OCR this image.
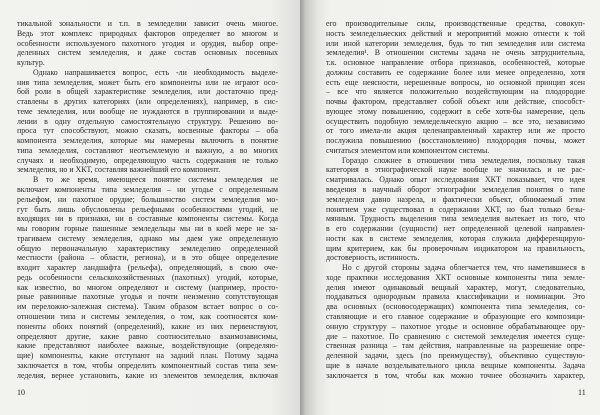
тикальной зональности и т.п. в земледелии зависит очень многое.
Ведь этот комплекс природных факторов определяет во многом и
особенности используемого пахотного угодия и орудия, выбор опре-
деленных систем земледелия, и даже состав основных посевных
культур.
Однако напрашивается вопрос, есть -ли необходимость выделе-
ния типа земледелия, может быть его компоненты или не играют осо-
бой роли в общей характеристике земледелия, или достаточно пред-
ставлены в других категориях (или определениях), например, в сис-
теме земледелия, или вообще не нуждаются в группировании и выде-
лении в одну отдельную самостоятельную структуру. Решению во-
проса тут способствуют, можно сказать, косвенные факторы – оба
компонента земледелия, которые мы намерены включить в понятие
типа земледелия, составляют неотъемлемую и важную, а во многих
случаях и необходимую, определяющую часть содержания не только
земледелия, но и ХКТ, составляя важнейший его компонент.
В то же время, имеющееся понятие системы земледелия не
включает компоненты типа земледелия – ни угодье с определенным
рельефом, ни пахотное орудие; большинство систем земледелия мо-
гут быть лишь обусловлены рельефными особенностями угодий, не
входящих ни в признаки, ни в составные компоненты системы. Когда
мы говорим горные пашенные земледельцы мы ни в коей мере не за-
трагиваем систему земледелия, однако мы даем уже определенную
общую первоначальную характеристику земледелию определенной
местности (района – области, региона), и в это общее определение
входит характер ландшафта (рельефа), определяющий, в свою оче-
редь особенности сельскохозяйственных (пахотных) угодий, которые,
как известно, во многом определяют и систему (например, просто-
рные равнинные пахотные угодья и почти неизменно сопутствующая
им переложно-залежная система). Таким образом встает вопрос о со-
отношении типа и системы земледелия, о том, как соотносятся ком-
поненты обоих понятий (определений), какие из них первенствуют,
определяют другие, какие равно соотносительно взаимозависимы,
какие представляют наиболее важные, воздействующие (определяю-
щие) компоненты, какие отступают на задний план. Потому задача
заключается в том, чтобы определить компонентный состав типа зем-
леделия, вернее установить, какие из элементов земледелия, включая
10
его производительные силы, производственные средства, совокуп-
ность земледельческих действий и мероприятий можно отнести к той
или иной категории земледелия, будь то тип земледелия или система
земледелия¹. В отношении системы задача не очень затруднительна,
т.к. основное направление отбора признаков, особенностей, которые
должны составить ее содержание более или менее определенно, хотя
есть еще неясности, нерешенные вопросы, но основной принцип ясен
– все что является положительно воздействующим на плодородие
почвы фактором, представляет собой объект или действие, способст-
вующее этому повышению, содержит в себе хотя-бы намерение, цель
осуществить подобную земледельческую акцию – все это, независимо
от того имела-ли акция целенаправленный характер или же просто
послужила повышению (восстановлению) плодородия почвы, может
считаться элементом или компонентом системы.
Гораздо сложнее в отношении типа земледелия, поскольку такая
категория в этнографической науке вообще не значилась и не рас-
сматривалась. Однако опыт исследования ХКТ показывает, что идея
введения в научный оборот этнографии земледелия понятия о типе
земледелия давно назрела, и фактически объект, обнимаемый этим
понятием уже существовал в содержании ХКТ, но был только безы-
мянным. Трудность выделения типа земледелия вытекает из того, что
в его содержании (сущности) нет определенной целевой направлен-
ности как в системе земледелия, которая служила дифференцирую-
щим критерием, как бы проверочным индикатором на правильность,
достоверность, истинность.
Но с другой стороны задача облегчается тем, что наметившиеся в
ходе практики исследования ХКТ основные компоненты типа земле-
делия имеют одинаковый вещный характер, могут, следовательно,
поддаваться однородным правила классификации и номинации. Это
два основных (основосодержащих) компонента типа земледелия, со-
ставляющие и его главное содержание и образующие его композици-
онную структуру – пахотное угодье и основное обрабатывающее ору-
дие – пахотное. По сравнению с системой земледелия имеется суще-
ственная разница – там действия, направленные на разрешение опре-
деленной задачи, здесь (по преимуществу), объективно существую-
щие в начале возделывательного цикла вещные компоненты. Задача
заключается в том, чтобы как можно точнее обозначить характер,
11
